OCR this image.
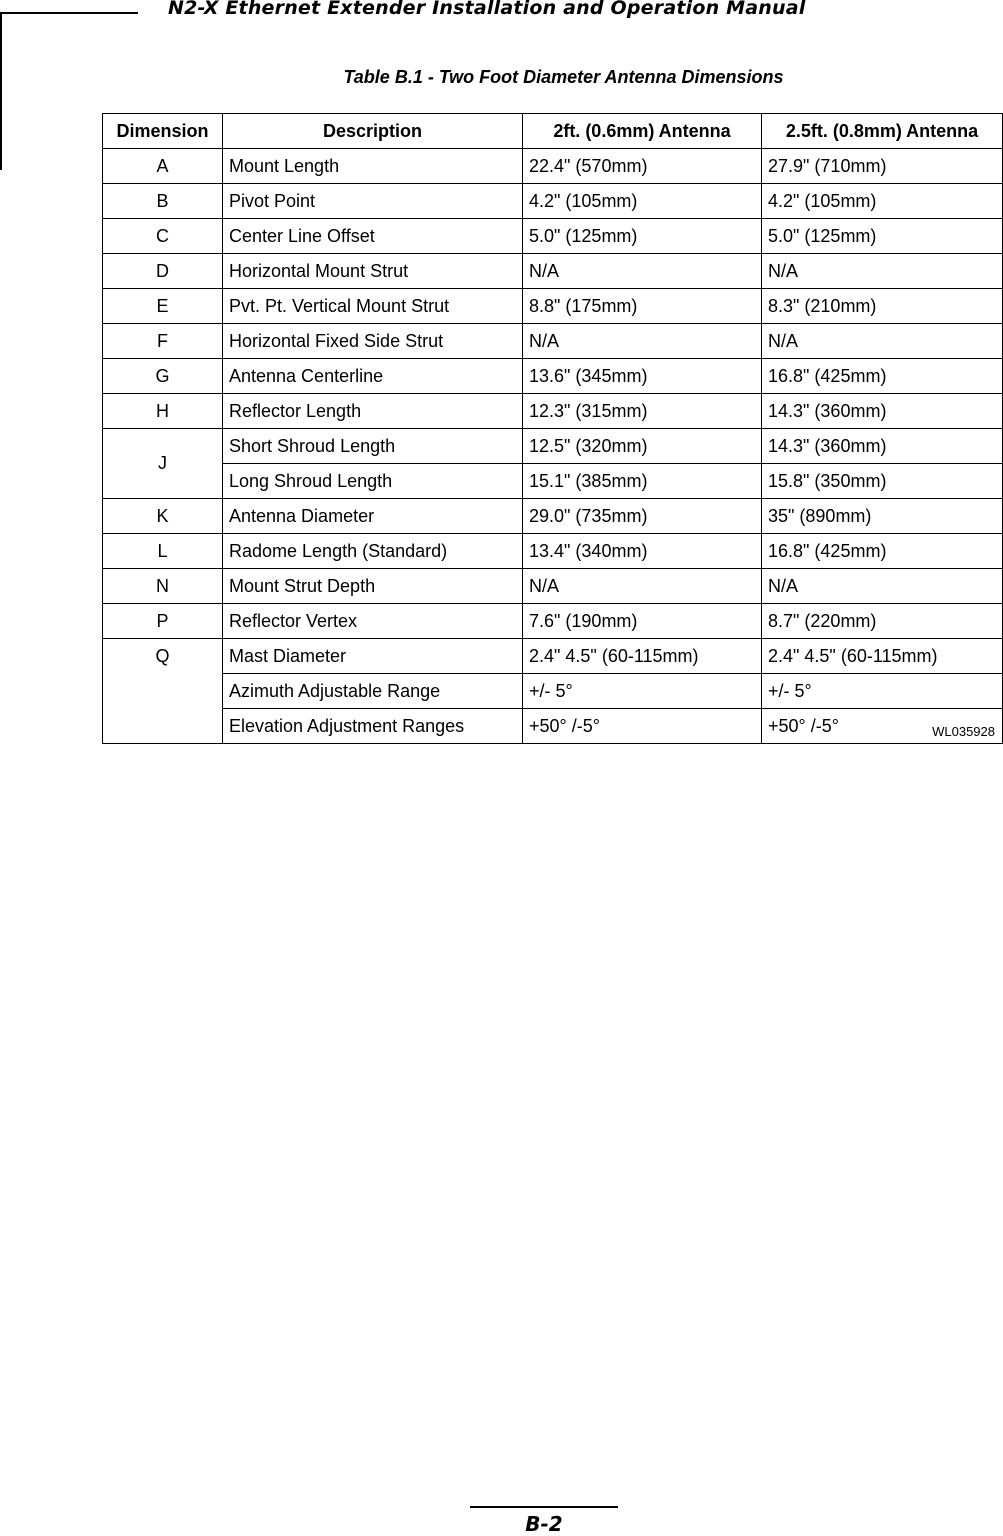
N2-X Ethernet Extender Installation and Operation Manual
Table B.1 - Two Foot Diameter Antenna Dimensions
Dimension	Description	2ft. (0.6mm) Antenna	2.5ft. (0.8mm) Antenna
A	Mount Length	22.4" (570mm)	27.9" (710mm)
B	Pivot Point	4.2" (105mm)	4.2" (105mm)
C	Center Line Offset	5.0" (125mm)	5.0" (125mm)
D	Horizontal Mount Strut	N/A	N/A
E	Pvt. Pt. Vertical Mount Strut	8.8" (175mm)	8.3" (210mm)
F	Horizontal Fixed Side Strut	N/A	N/A
G	Antenna Centerline	13.6" (345mm)	16.8" (425mm)
H	Reflector Length	12.3" (315mm)	14.3" (360mm)
J	Short Shroud Length	12.5" (320mm)	14.3" (360mm)
	Long Shroud Length	15.1" (385mm)	15.8" (350mm)
K	Antenna Diameter	29.0" (735mm)	35" (890mm)
L	Radome Length (Standard)	13.4" (340mm)	16.8" (425mm)
N	Mount Strut Depth	N/A	N/A
P	Reflector Vertex	7.6" (190mm)	8.7" (220mm)
Q	Mast Diameter	2.4" 4.5" (60-115mm)	2.4" 4.5" (60-115mm)
	Azimuth Adjustable Range	+/- 5°	+/- 5°
	Elevation Adjustment Ranges	+50° /-5°	+50° /-5°	WL035928
B-2
